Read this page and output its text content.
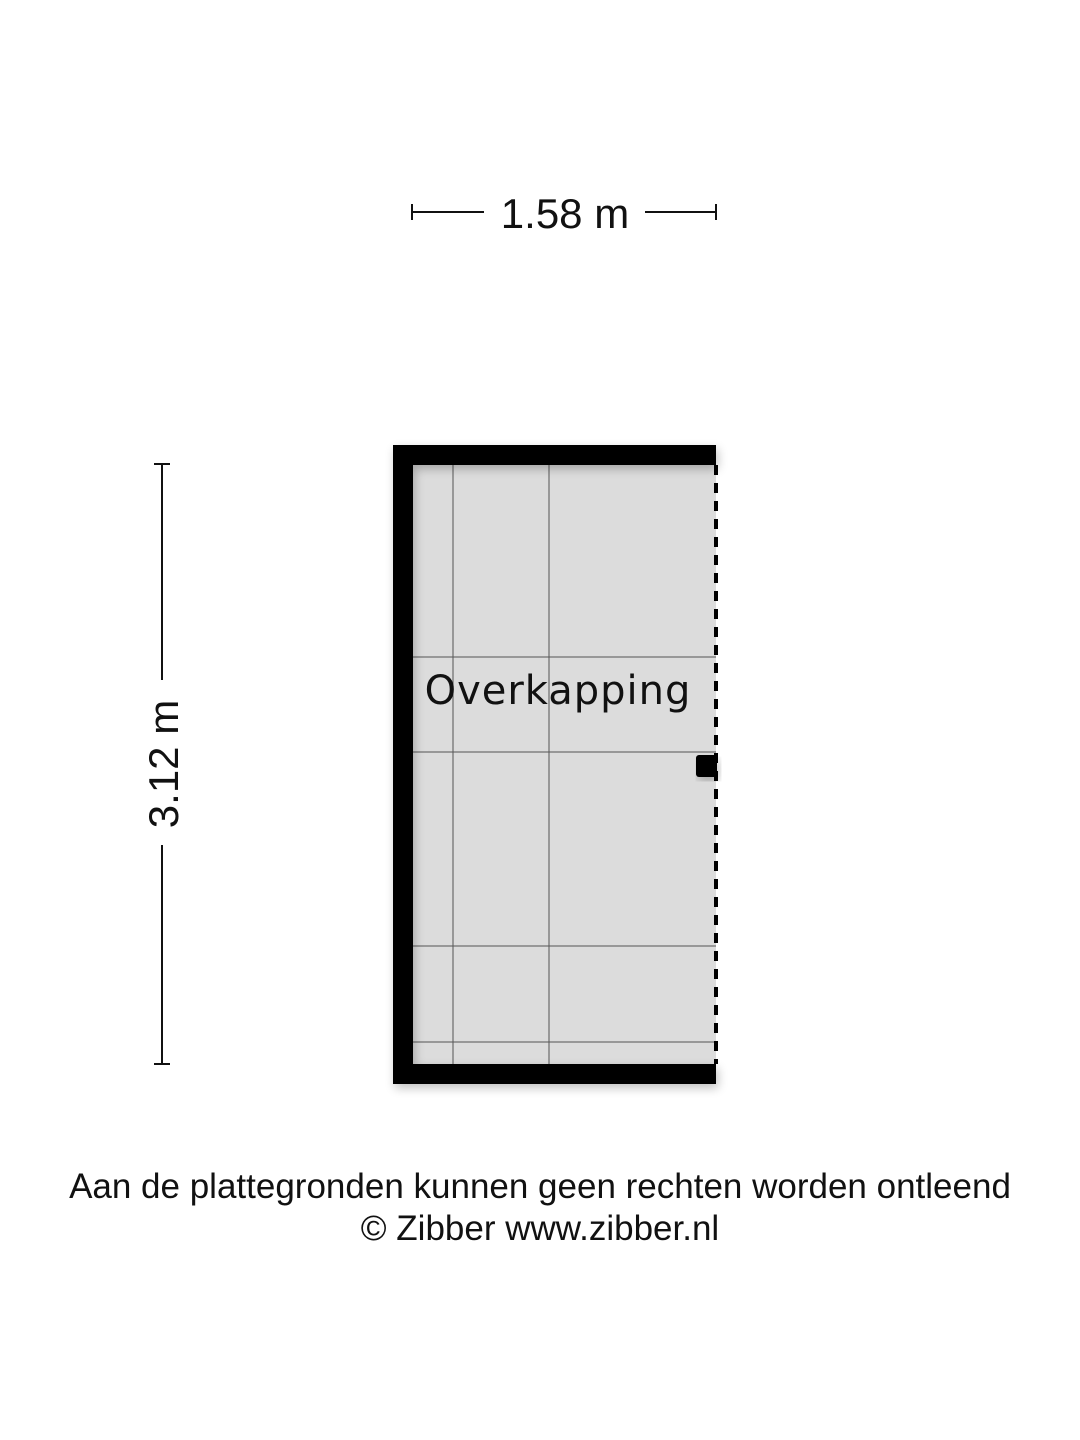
1.58 m
3.12 m
Overkapping
Aan de plattegronden kunnen geen rechten worden ontleend
© Zibber www.zibber.nl
